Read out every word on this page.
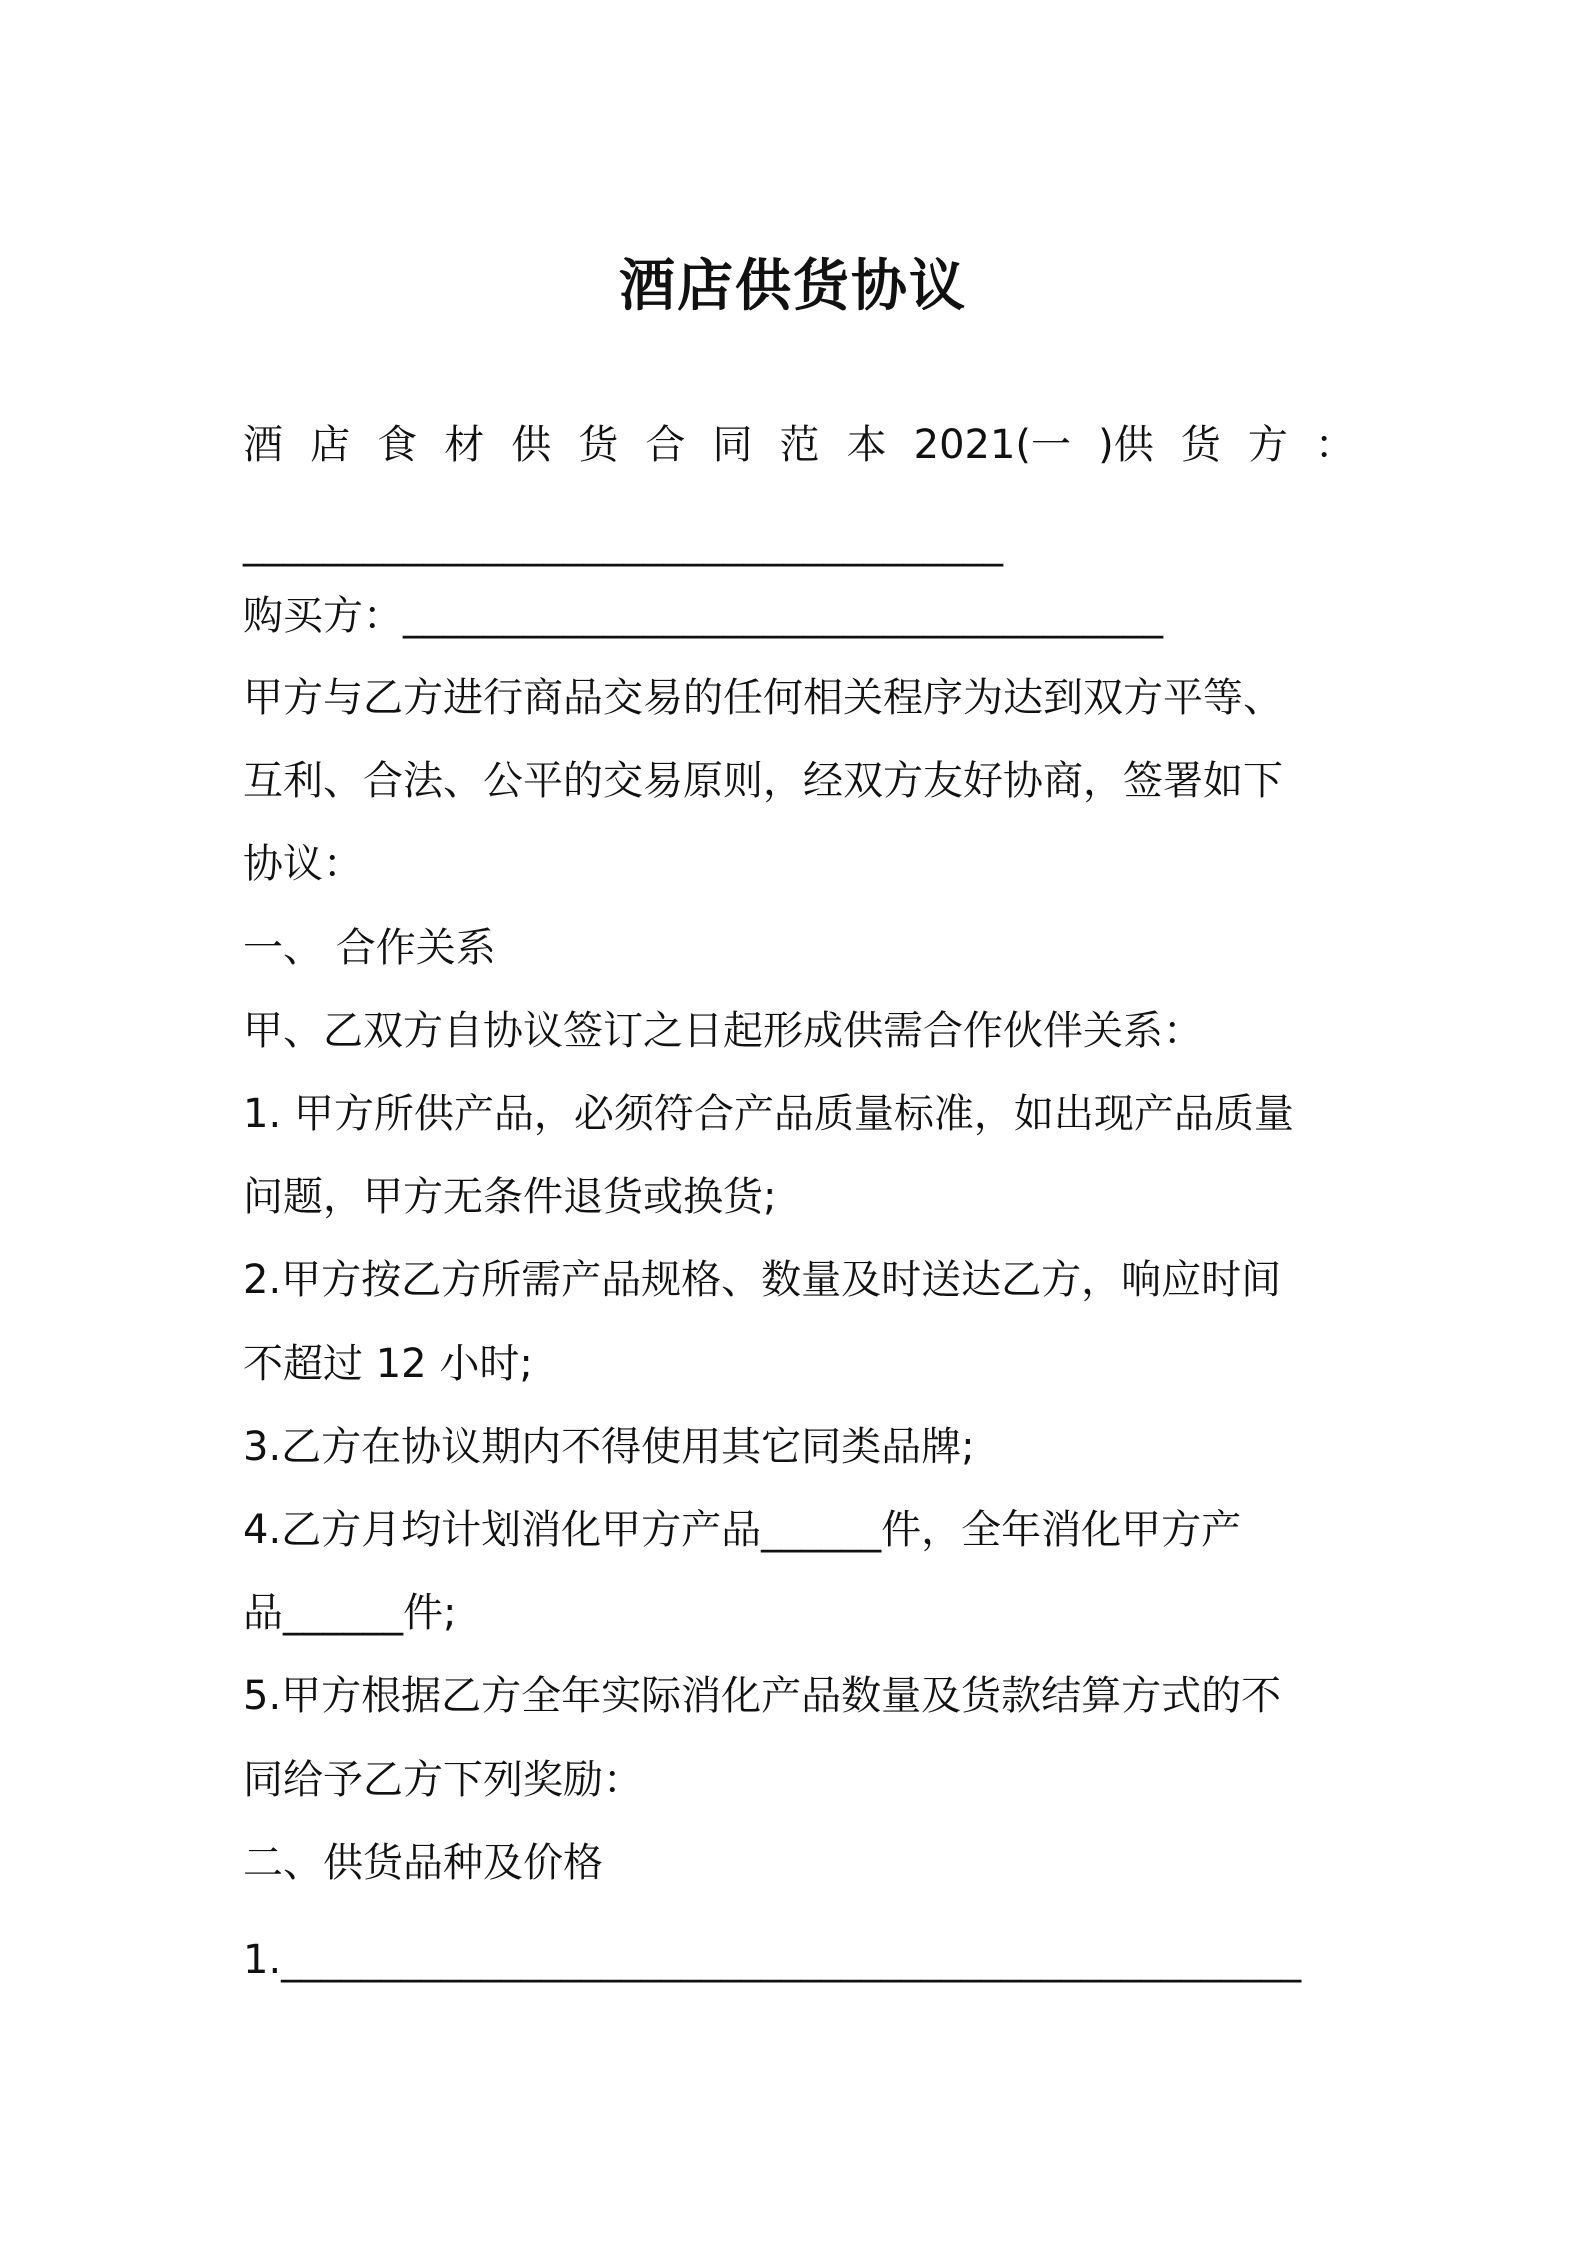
酒店供货协议
酒 店 食 材 供 货 合 同 范 本 2021(一 )供 货 方 ：
______________________________________
购买方：______________________________________
甲方与乙方进行商品交易的任何相关程序为达到双方平等、
互利、合法、公平的交易原则，经双方友好协商，签署如下
协议：
一、 合作关系
甲、乙双方自协议签订之日起形成供需合作伙伴关系：
1. 甲方所供产品，必须符合产品质量标准，如出现产品质量
问题，甲方无条件退货或换货;
2.甲方按乙方所需产品规格、数量及时送达乙方，响应时间
不超过 12 小时;
3.乙方在协议期内不得使用其它同类品牌;
4.乙方月均计划消化甲方产品______件，全年消化甲方产
品______件;
5.甲方根据乙方全年实际消化产品数量及货款结算方式的不
同给予乙方下列奖励：
二、供货品种及价格
1.___________________________________________________
